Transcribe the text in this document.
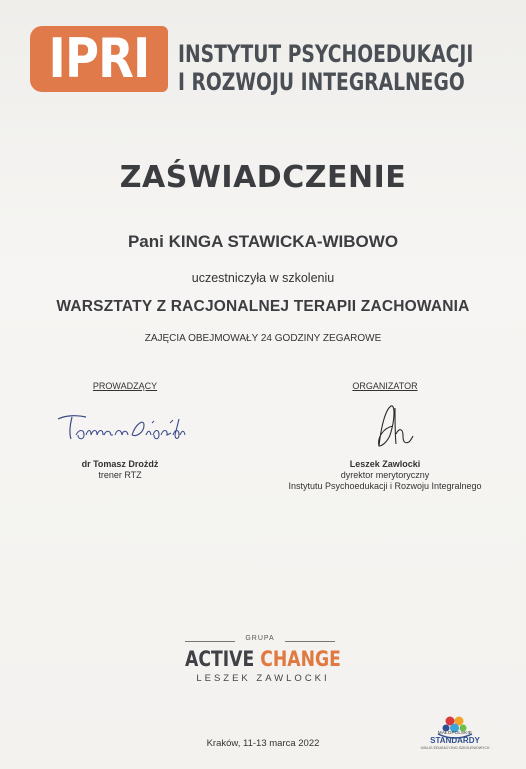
IPRI	INSTYTUT PSYCHOEDUKACJI
I ROZWOJU INTEGRALNEGO
ZAŚWIADCZENIE
Pani KINGA STAWICKA-WIBOWO
uczestniczyła w szkoleniu
WARSZTATY Z RACJONALNEJ TERAPII ZACHOWANIA
ZAJĘCIA OBEJMOWAŁY 24 GODZINY ZEGAROWE
PROWADZĄCY	ORGANIZATOR
dr Tomasz Drożdż
trener RTZ
Leszek Zawlocki
dyrektor merytoryczny
Instytutu Psychoedukacji i Rozwoju Integralnego
GRUPA
ACTIVE CHANGE
LESZEK ZAWLOCKI
Kraków, 11-13 marca 2022
MAŁOPOLSKIE
STANDARDY
USŁUG EDUKACYJNO-SZKOLENIOWYCH
